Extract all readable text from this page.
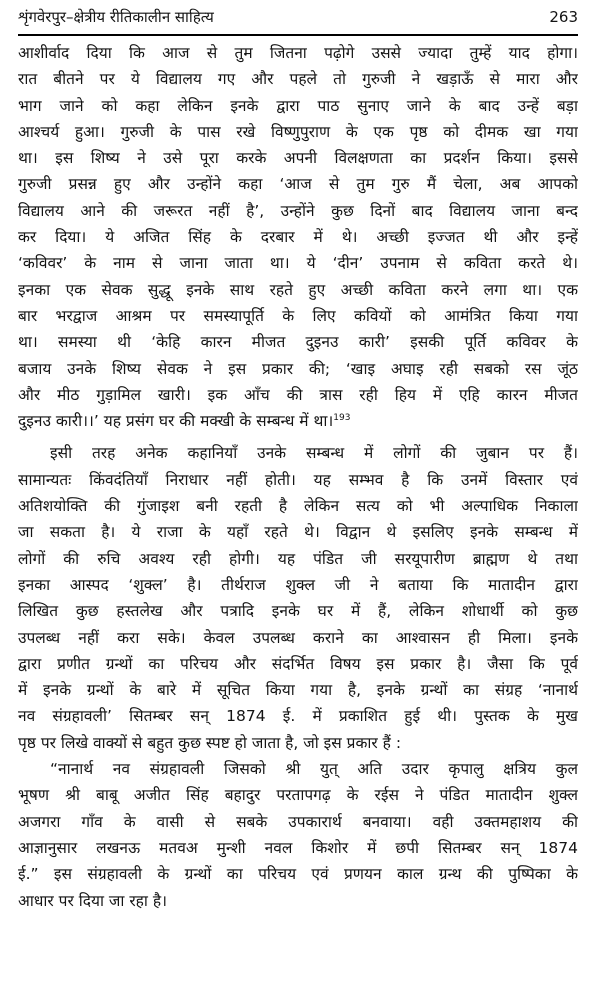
शृंगवेरपुर–क्षेत्रीय रीतिकालीन साहित्य	263
आशीर्वाद दिया कि आज से तुम जितना पढ़ोगे उससे ज्यादा तुम्हें याद होगा।
रात बीतने पर ये विद्यालय गए और पहले तो गुरुजी ने खड़ाऊँ से मारा और
भाग जाने को कहा लेकिन इनके द्वारा पाठ सुनाए जाने के बाद उन्हें बड़ा
आश्चर्य हुआ। गुरुजी के पास रखे विष्णुपुराण के एक पृष्ठ को दीमक खा गया
था। इस शिष्य ने उसे पूरा करके अपनी विलक्षणता का प्रदर्शन किया। इससे
गुरुजी प्रसन्न हुए और उन्होंने कहा ‘आज से तुम गुरु मैं चेला, अब आपको
विद्यालय आने की जरूरत नहीं है’, उन्होंने कुछ दिनों बाद विद्यालय जाना बन्द
कर दिया। ये अजित सिंह के दरबार में थे। अच्छी इज्जत थी और इन्हें
‘कविवर’ के नाम से जाना जाता था। ये ‘दीन’ उपनाम से कविता करते थे।
इनका एक सेवक सुद्धू इनके साथ रहते हुए अच्छी कविता करने लगा था। एक
बार भरद्वाज आश्रम पर समस्यापूर्ति के लिए कवियों को आमंत्रित किया गया
था। समस्या थी ‘केहि कारन मीजत दुइनउ कारी’ इसकी पूर्ति कविवर के
बजाय उनके शिष्य सेवक ने इस प्रकार की; ‘खाइ अघाइ रही सबको रस जूंठ
और मीठ गुड़ामिल खारी। इक आँच की त्रास रही हिय में एहि कारन मीजत
दुइनउ कारी।।’ यह प्रसंग घर की मक्खी के सम्बन्ध में था।$^{193}$
इसी तरह अनेक कहानियाँ उनके सम्बन्ध में लोगों की जुबान पर हैं।
सामान्यतः किंवदंतियाँ निराधार नहीं होती। यह सम्भव है कि उनमें विस्तार एवं
अतिशयोक्ति की गुंजाइश बनी रहती है लेकिन सत्य को भी अल्पाधिक निकाला
जा सकता है। ये राजा के यहाँ रहते थे। विद्वान थे इसलिए इनके सम्बन्ध में
लोगों की रुचि अवश्य रही होगी। यह पंडित जी सरयूपारीण ब्राह्मण थे तथा
इनका आस्पद ‘शुक्ल’ है। तीर्थराज शुक्ल जी ने बताया कि मातादीन द्वारा
लिखित कुछ हस्तलेख और पत्रादि इनके घर में हैं, लेकिन शोधार्थी को कुछ
उपलब्ध नहीं करा सके। केवल उपलब्ध कराने का आश्वासन ही मिला। इनके
द्वारा प्रणीत ग्रन्थों का परिचय और संदर्भित विषय इस प्रकार है। जैसा कि पूर्व
में इनके ग्रन्थों के बारे में सूचित किया गया है, इनके ग्रन्थों का संग्रह ‘नानार्थ
नव संग्रहावली’ सितम्बर सन् 1874 ई. में प्रकाशित हुई थी। पुस्तक के मुख
पृष्ठ पर लिखे वाक्यों से बहुत कुछ स्पष्ट हो जाता है, जो इस प्रकार हैं :
“नानार्थ नव संग्रहावली जिसको श्री युत् अति उदार कृपालु क्षत्रिय कुल
भूषण श्री बाबू अजीत सिंह बहादुर परतापगढ़ के रईस ने पंडित मातादीन शुक्ल
अजगरा गाँव के वासी से सबके उपकारार्थ बनवाया। वही उक्तमहाशय की
आज्ञानुसार लखनऊ मतवअ मुन्शी नवल किशोर में छपी सितम्बर सन् 1874
ई.” इस संग्रहावली के ग्रन्थों का परिचय एवं प्रणयन काल ग्रन्थ की पुष्पिका के
आधार पर दिया जा रहा है।
